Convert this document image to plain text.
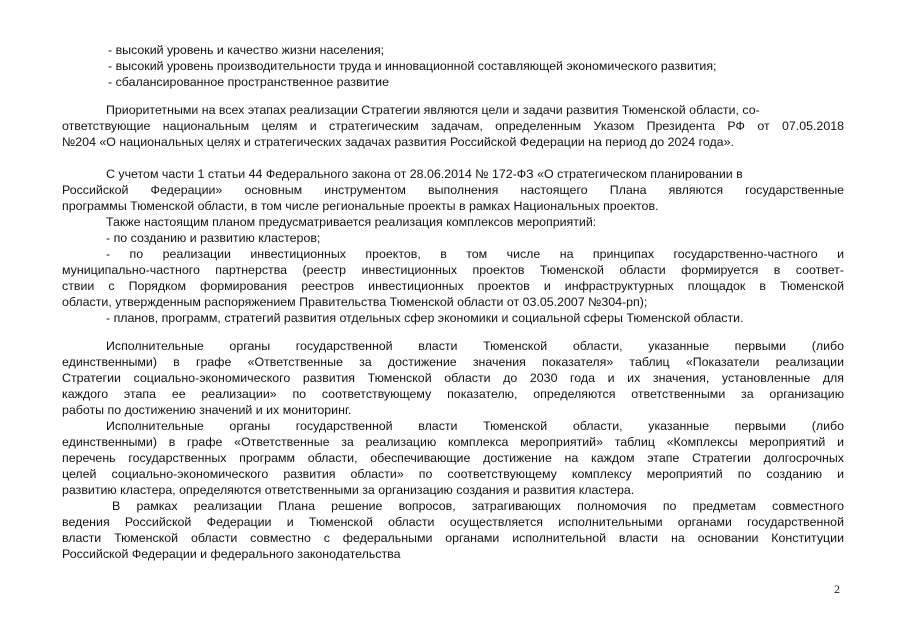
- высокий уровень и качество жизни населения;

- высокий уровень производительности труда и инновационной составляющей экономического развития;

- сбалансированное пространственное развитие

Приоритетными на всех этапах реализации Стратегии являются цели и задачи развития Тюменской области, со-

ответствующие национальным целям и стратегическим задачам, определенным Указом Президента РФ от 07.05.2018

№204 «О национальных целях и стратегических задачах развития Российской Федерации на период до 2024 года».

С учетом части 1 статьи 44 Федерального закона от 28.06.2014 № 172-ФЗ «О стратегическом планировании в

Российской Федерации» основным инструментом выполнения настоящего Плана являются государственные

программы Тюменской области, в том числе региональные проекты в рамках Национальных проектов.

Также настоящим планом предусматривается реализация комплексов мероприятий:

- по созданию и развитию кластеров;

- по реализации инвестиционных проектов, в том числе на принципах государственно-частного и

муниципально-частного партнерства (реестр инвестиционных проектов Тюменской области формируется в соответ-

ствии с Порядком формирования реестров инвестиционных проектов и инфраструктурных площадок в Тюменской

области, утвержденным распоряжением Правительства Тюменской области от 03.05.2007 №304-рп);

- планов, программ, стратегий развития отдельных сфер экономики и социальной сферы Тюменской области.

Исполнительные органы государственной власти Тюменской области, указанные первыми (либо

единственными) в графе «Ответственные за достижение значения показателя» таблиц «Показатели реализации

Стратегии социально-экономического развития Тюменской области до 2030 года и их значения, установленные для

каждого этапа ее реализации» по соответствующему показателю, определяются ответственными за организацию

работы по достижению значений и их мониторинг.

Исполнительные органы государственной власти Тюменской области, указанные первыми (либо

единственными) в графе «Ответственные за реализацию комплекса мероприятий» таблиц «Комплексы мероприятий и

перечень государственных программ области, обеспечивающие достижение на каждом этапе Стратегии долгосрочных

целей социально-экономического развития области» по соответствующему комплексу мероприятий по созданию и

развитию кластера, определяются ответственными за организацию создания и развития кластера.

В рамках реализации Плана решение вопросов, затрагивающих полномочия по предметам совместного

ведения Российской Федерации и Тюменской области осуществляется исполнительными органами государственной

власти Тюменской области совместно с федеральными органами исполнительной власти на основании Конституции

Российской Федерации и федерального законодательства

2
